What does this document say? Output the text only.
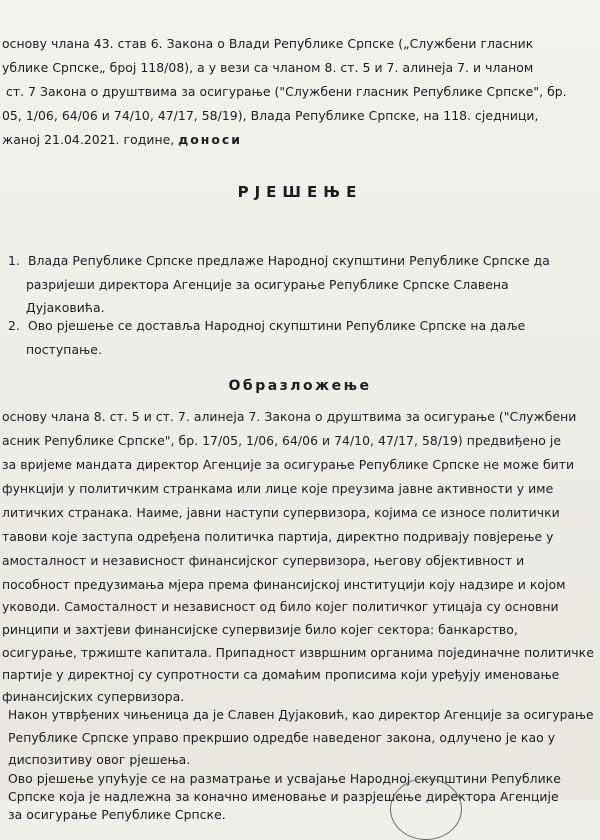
основу члана 43. став 6. Закона о Влади Републике Српске („Службени гласник
ублике Српске„ број 118/08), а у вези са чланом 8. ст. 5 и 7. алинеја 7. и чланом
ст. 7 Закона о друштвима за осигурање ("Службени гласник Републике Српске", бр.
05, 1/06, 64/06 и 74/10, 47/17, 58/19), Влада Републике Српске, на 118. сједници,
жаној 21.04.2021. године, доноси
РЈЕШЕЊЕ
1. Влада Републике Српске предлаже Народној скупштини Републике Српске да
разријеши директора Агенције за осигурање Републике Српске Славена
Дујаковића.
2. Ово рјешење се доставља Народној скупштини Републике Српске на даље
поступање.
Образложење
основу члана 8. ст. 5 и ст. 7. алинеја 7. Закона о друштвима за осигурање ("Службени
асник Републике Српске", бр. 17/05, 1/06, 64/06 и 74/10, 47/17, 58/19) предвиђено је
за вријеме мандата директор Агенције за осигурање Републике Српске не може бити
функцији у политичким странкама или лице које преузима јавне активности у име
литичких странака. Наиме, јавни наступи супервизора, којима се износе политички
тавови које заступа одређена политичка партија, директно подривају повјерење у
амосталност и независност финансијског супервизора, његову објективност и
пособност предузимања мјера према финансијској институцији коју надзире и којом
уководи. Самосталност и независност од било којег политичког утицаја су основни
ринципи и захтјеви финансијске супервизије било којег сектора: банкарство,
осигурање, тржиште капитала. Припадност извршним органима појединачне политичке
партије у директној су супротности са домаћим прописима који уређују именовање
финансијских супервизора.
Након утврђених чињеница да је Славен Дујаковић, као директор Агенције за осигурање
Републике Српске управо прекршио одредбе наведеног закона, одлучено је као у
диспозитиву овог рјешења.
Ово рјешење упућује се на разматрање и усвајање Народној скупштини Републике
Српске која је надлежна за коначно именовање и разрјешење директора Агенције
за осигурање Републике Српске.
